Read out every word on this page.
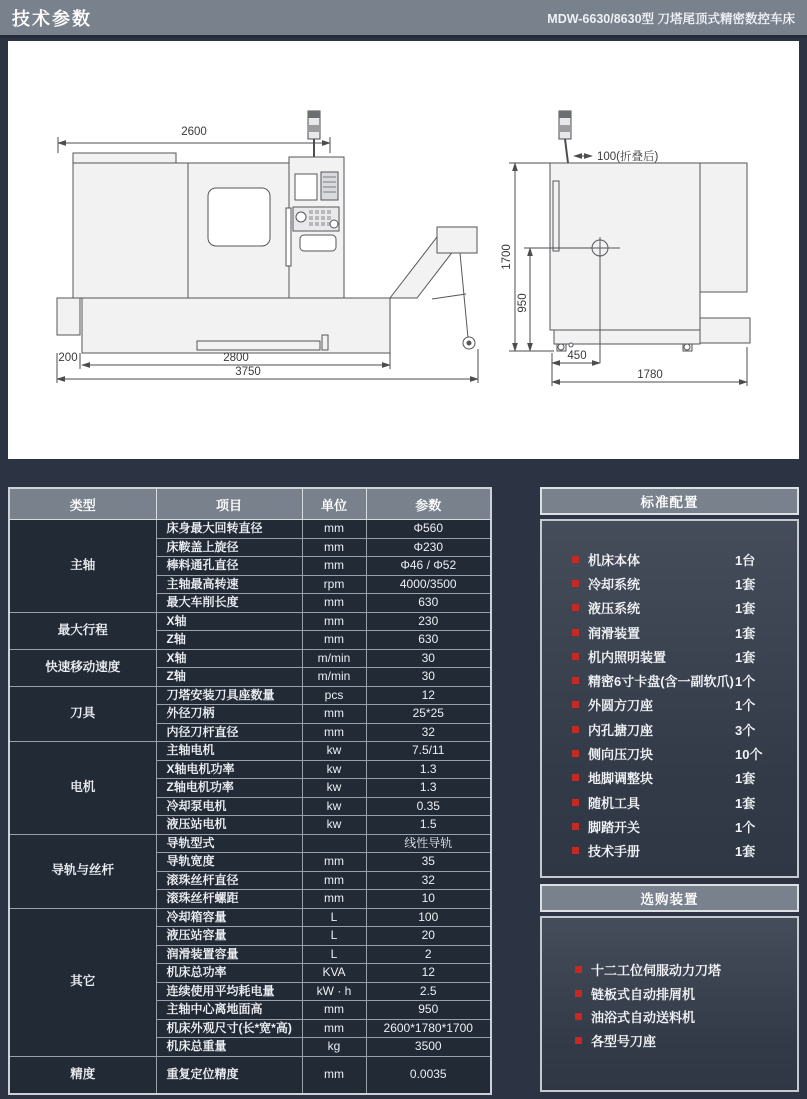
技术参数	MDW-6630/8630型 刀塔尾顶式精密数控车床
2600
200	2800
3750
100(折叠后)
1700
950
450
1780
类型	项目	单位	参数
主轴	床身最大回转直径	mm	Φ560
	床鞍盖上旋径	mm	Φ230
	棒料通孔直径	mm	Φ46 / Φ52
	主轴最高转速	rpm	4000/3500
	最大车削长度	mm	630
最大行程	X轴	mm	230
	Z轴	mm	630
快速移动速度	X轴	m/min	30
	Z轴	m/min	30
刀具	刀塔安装刀具座数量	pcs	12
	外径刀柄	mm	25*25
	内径刀杆直径	mm	32
电机	主轴电机	kw	7.5/11
	X轴电机功率	kw	1.3
	Z轴电机功率	kw	1.3
	冷却泵电机	kw	0.35
	液压站电机	kw	1.5
导轨与丝杆	导轨型式		线性导轨
	导轨宽度	mm	35
	滚珠丝杆直径	mm	32
	滚珠丝杆螺距	mm	10
其它	冷却箱容量	L	100
	液压站容量	L	20
	润滑装置容量	L	2
	机床总功率	KVA	12
	连续使用平均耗电量	kW · h	2.5
	主轴中心离地面高	mm	950
	机床外观尺寸(长*宽*高)	mm	2600*1780*1700
	机床总重量	kg	3500
精度	重复定位精度	mm	0.0035
标准配置
机床本体	1台
冷却系统	1套
液压系统	1套
润滑装置	1套
机内照明装置	1套
精密6寸卡盘(含一副软爪) 1个
外圆方刀座	1个
内孔搪刀座	3个
侧向压刀块	10个
地脚调整块	1套
随机工具	1套
脚踏开关	1个
技术手册	1套
选购装置
十二工位伺服动力刀塔
链板式自动排屑机
油浴式自动送料机
各型号刀座
